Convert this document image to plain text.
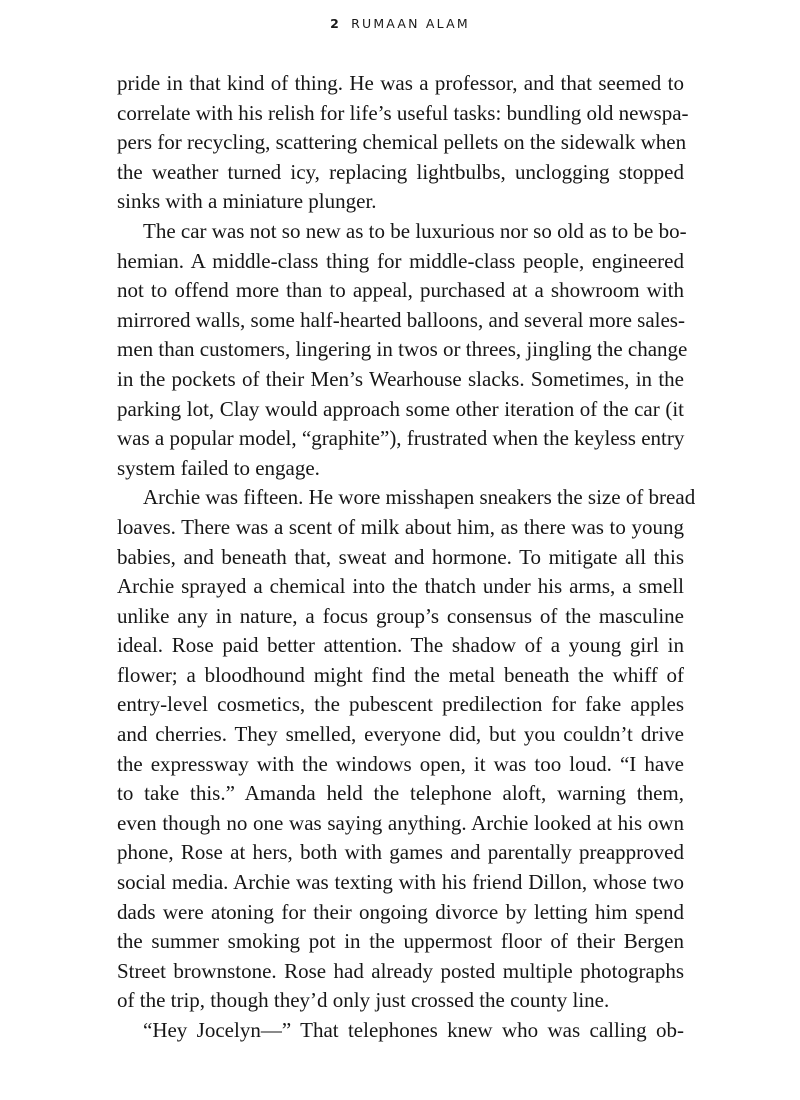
2 RUMAAN ALAM
pride in that kind of thing. He was a professor, and that seemed to
correlate with his relish for life’s useful tasks: bundling old newspa-
pers for recycling, scattering chemical pellets on the sidewalk when
the weather turned icy, replacing lightbulbs, unclogging stopped
sinks with a miniature plunger.
The car was not so new as to be luxurious nor so old as to be bo-
hemian. A middle-class thing for middle-class people, engineered
not to offend more than to appeal, purchased at a showroom with
mirrored walls, some half-hearted balloons, and several more sales-
men than customers, lingering in twos or threes, jingling the change
in the pockets of their Men’s Wearhouse slacks. Sometimes, in the
parking lot, Clay would approach some other iteration of the car (it
was a popular model, “graphite”), frustrated when the keyless entry
system failed to engage.
Archie was fifteen. He wore misshapen sneakers the size of bread
loaves. There was a scent of milk about him, as there was to young
babies, and beneath that, sweat and hormone. To mitigate all this
Archie sprayed a chemical into the thatch under his arms, a smell
unlike any in nature, a focus group’s consensus of the masculine
ideal. Rose paid better attention. The shadow of a young girl in
flower; a bloodhound might find the metal beneath the whiff of
entry-level cosmetics, the pubescent predilection for fake apples
and cherries. They smelled, everyone did, but you couldn’t drive
the expressway with the windows open, it was too loud. “I have
to take this.” Amanda held the telephone aloft, warning them,
even though no one was saying anything. Archie looked at his own
phone, Rose at hers, both with games and parentally preapproved
social media. Archie was texting with his friend Dillon, whose two
dads were atoning for their ongoing divorce by letting him spend
the summer smoking pot in the uppermost floor of their Bergen
Street brownstone. Rose had already posted multiple photographs
of the trip, though they’d only just crossed the county line.
“Hey Jocelyn—” That telephones knew who was calling ob-
